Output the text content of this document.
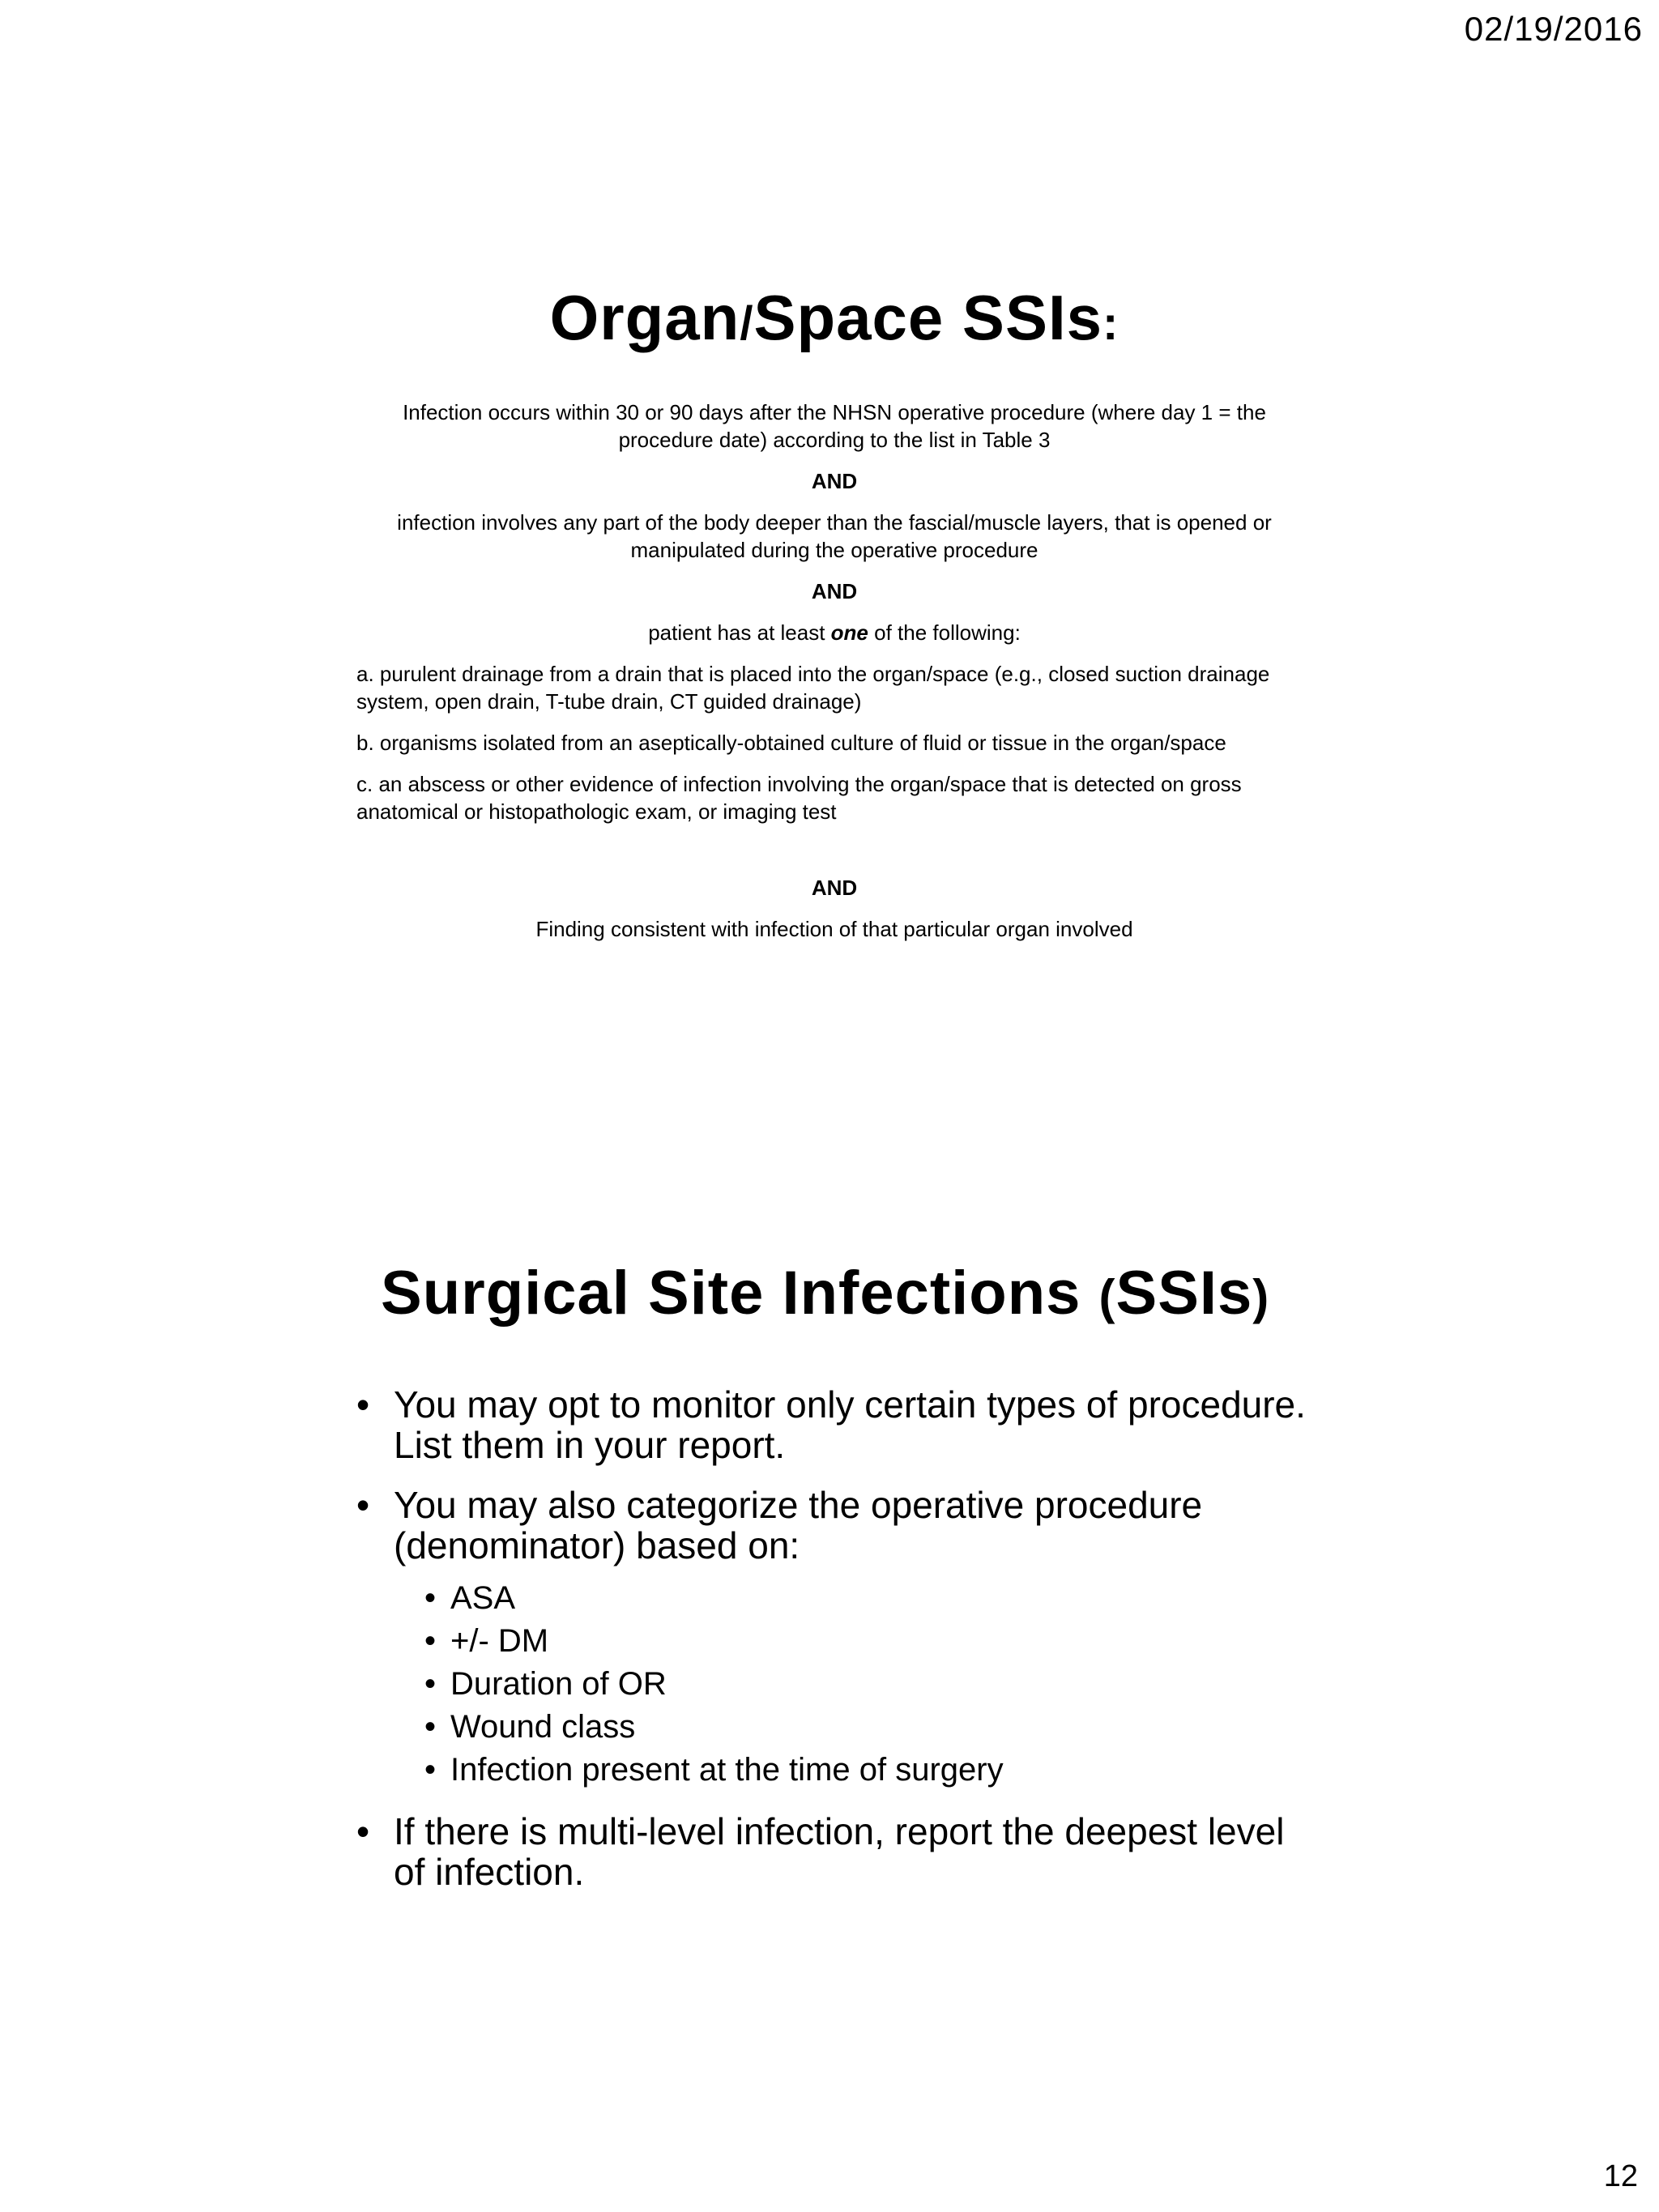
02/19/2016
Organ/Space SSIs:

Infection occurs within 30 or 90 days after the NHSN operative procedure (where day 1 = the procedure date) according to the list in Table 3

AND

infection involves any part of the body deeper than the fascial/muscle layers, that is opened or manipulated during the operative procedure

AND

patient has at least one of the following:

a. purulent drainage from a drain that is placed into the organ/space (e.g., closed suction drainage system, open drain, T-tube drain, CT guided drainage)

b. organisms isolated from an aseptically-obtained culture of fluid or tissue in the organ/space

c. an abscess or other evidence of infection involving the organ/space that is detected on gross anatomical or histopathologic exam, or imaging test

AND

Finding consistent with infection of that particular organ involved

Surgical Site Infections (SSIs)
• You may opt to monitor only certain types of procedure. List them in your report.
• You may also categorize the operative procedure (denominator) based on:
• ASA
• +/- DM
• Duration of OR
• Wound class
• Infection present at the time of surgery
• If there is multi-level infection, report the deepest level of infection.
12
